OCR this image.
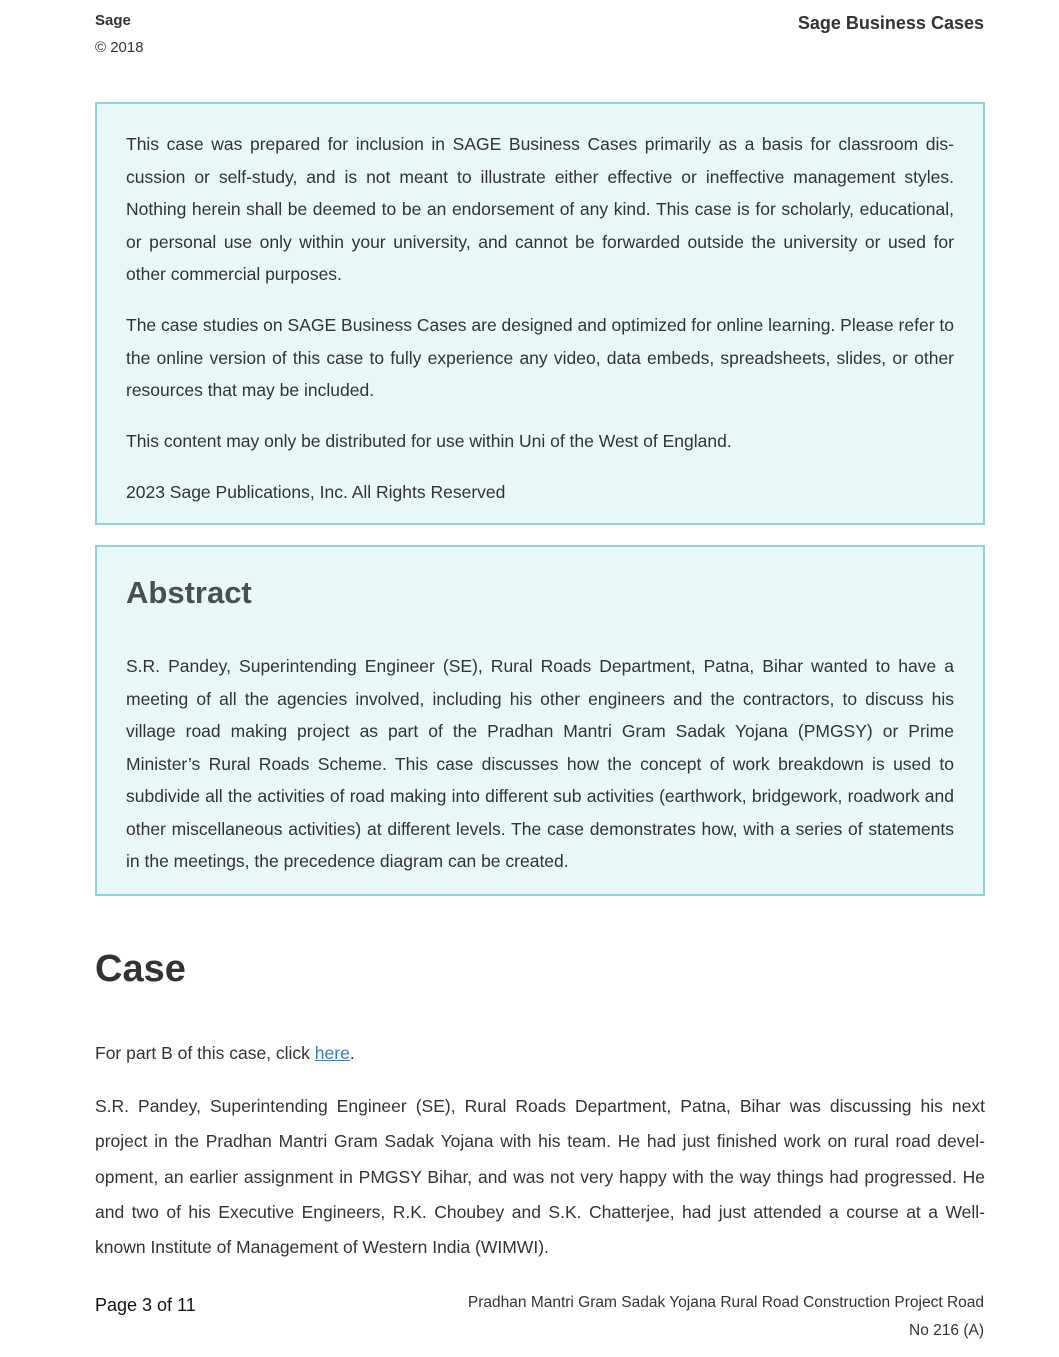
Sage
© 2018
Sage Business Cases

This case was prepared for inclusion in SAGE Business Cases primarily as a basis for classroom discussion or self-study, and is not meant to illustrate either effective or ineffective management styles. Nothing herein shall be deemed to be an endorsement of any kind. This case is for scholarly, educational, or personal use only within your university, and cannot be forwarded outside the university or used for other commercial purposes.

The case studies on SAGE Business Cases are designed and optimized for online learning. Please refer to the online version of this case to fully experience any video, data embeds, spreadsheets, slides, or other resources that may be included.

This content may only be distributed for use within Uni of the West of England.

2023 Sage Publications, Inc. All Rights Reserved

Abstract

S.R. Pandey, Superintending Engineer (SE), Rural Roads Department, Patna, Bihar wanted to have a meeting of all the agencies involved, including his other engineers and the contractors, to discuss his village road making project as part of the Pradhan Mantri Gram Sadak Yojana (PMGSY) or Prime Minister’s Rural Roads Scheme. This case discusses how the concept of work breakdown is used to subdivide all the activities of road making into different sub activities (earthwork, bridgework, roadwork and other miscellaneous activities) at different levels. The case demonstrates how, with a series of statements in the meetings, the precedence diagram can be created.

Case

For part B of this case, click here.

S.R. Pandey, Superintending Engineer (SE), Rural Roads Department, Patna, Bihar was discussing his next project in the Pradhan Mantri Gram Sadak Yojana with his team. He had just finished work on rural road development, an earlier assignment in PMGSY Bihar, and was not very happy with the way things had progressed. He and two of his Executive Engineers, R.K. Choubey and S.K. Chatterjee, had just attended a course at a Well-known Institute of Management of Western India (WIMWI).

Page 3 of 11	Pradhan Mantri Gram Sadak Yojana Rural Road Construction Project Road
No 216 (A)
